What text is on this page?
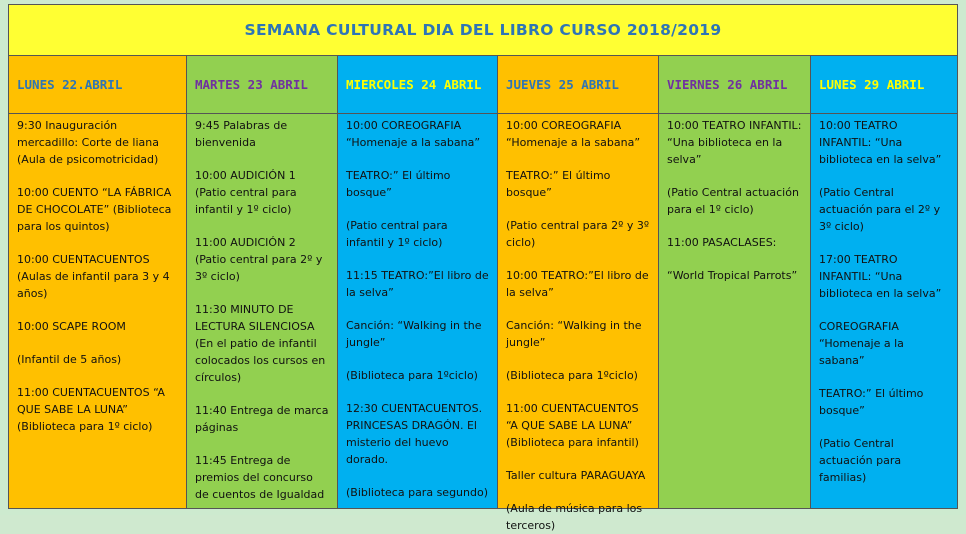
SEMANA CULTURAL DIA DEL LIBRO CURSO 2018/2019
LUNES 22.ABRIL

9:30 Inauguración mercadillo: Corte de liana (Aula de psicomotricidad)

10:00 CUENTO “LA FÁBRICA DE CHOCOLATE” (Biblioteca para los quintos)

10:00 CUENTACUENTOS (Aulas de infantil para 3 y 4 años)

10:00 SCAPE ROOM

(Infantil de 5 años)

11:00 CUENTACUENTOS “A QUE SABE LA LUNA” (Biblioteca para 1º ciclo)

MARTES 23 ABRIL

9:45 Palabras de bienvenida

10:00 AUDICIÓN 1 (Patio central para infantil y 1º ciclo)

11:00 AUDICIÓN 2 (Patio central para 2º y 3º ciclo)

11:30 MINUTO DE LECTURA SILENCIOSA (En el patio de infantil colocados los cursos en círculos)

11:40 Entrega de marca páginas

11:45 Entrega de premios del concurso de cuentos de Igualdad

MIERCOLES 24 ABRIL

10:00 COREOGRAFIA “Homenaje a la sabana”

TEATRO:” El último bosque”

(Patio central para infantil y 1º ciclo)

11:15 TEATRO:”El libro de la selva”

Canción: “Walking in the jungle”

(Biblioteca para 1ºciclo)

12:30 CUENTACUENTOS. PRINCESAS DRAGÓN. El misterio del huevo dorado.

(Biblioteca para segundo)

JUEVES 25 ABRIL

10:00 COREOGRAFIA “Homenaje a la sabana”

TEATRO:” El último bosque”

(Patio central para 2º y 3º ciclo)

10:00 TEATRO:”El libro de la selva”

Canción: “Walking in the jungle”

(Biblioteca para 1ºciclo)

11:00 CUENTACUENTOS “A QUE SABE LA LUNA” (Biblioteca para infantil)

Taller cultura PARAGUAYA

(Aula de música para los terceros)

VIERNES 26 ABRIL

10:00 TEATRO INFANTIL: “Una biblioteca en la selva”

(Patio Central actuación para el 1º ciclo)

11:00 PASACLASES:

“World Tropical Parrots”

LUNES 29 ABRIL

10:00 TEATRO INFANTIL: “Una biblioteca en la selva”

(Patio Central actuación para el 2º y 3º ciclo)

17:00 TEATRO INFANTIL: “Una biblioteca en la selva”

COREOGRAFIA “Homenaje a la sabana”

TEATRO:” El último bosque”

(Patio Central actuación para familias)
